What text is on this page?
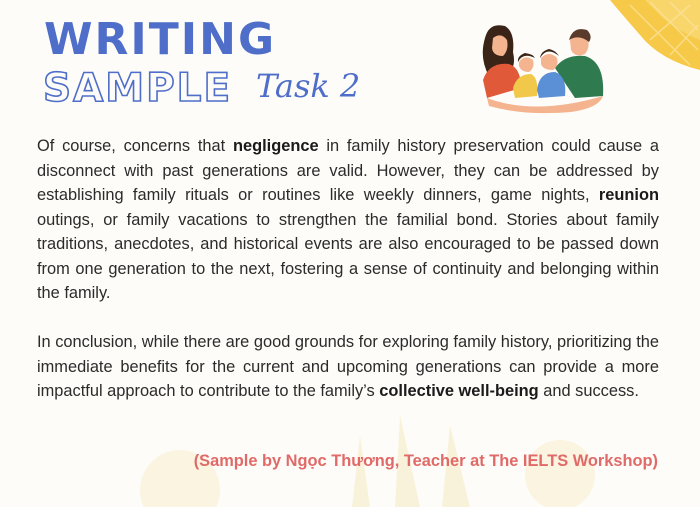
WRITING
SAMPLE Task 2

Of course, concerns that negligence in family history preservation could cause a disconnect with past generations are valid. However, they can be addressed by establishing family rituals or routines like weekly dinners, game nights, reunion outings, or family vacations to strengthen the familial bond. Stories about family traditions, anecdotes, and historical events are also encouraged to be passed down from one generation to the next, fostering a sense of continuity and belonging within the family.

In conclusion, while there are good grounds for exploring family history, prioritizing the immediate benefits for the current and upcoming generations can provide a more impactful approach to contribute to the family’s collective well-being and success.

(Sample by Ngọc Thương, Teacher at The IELTS Workshop)
